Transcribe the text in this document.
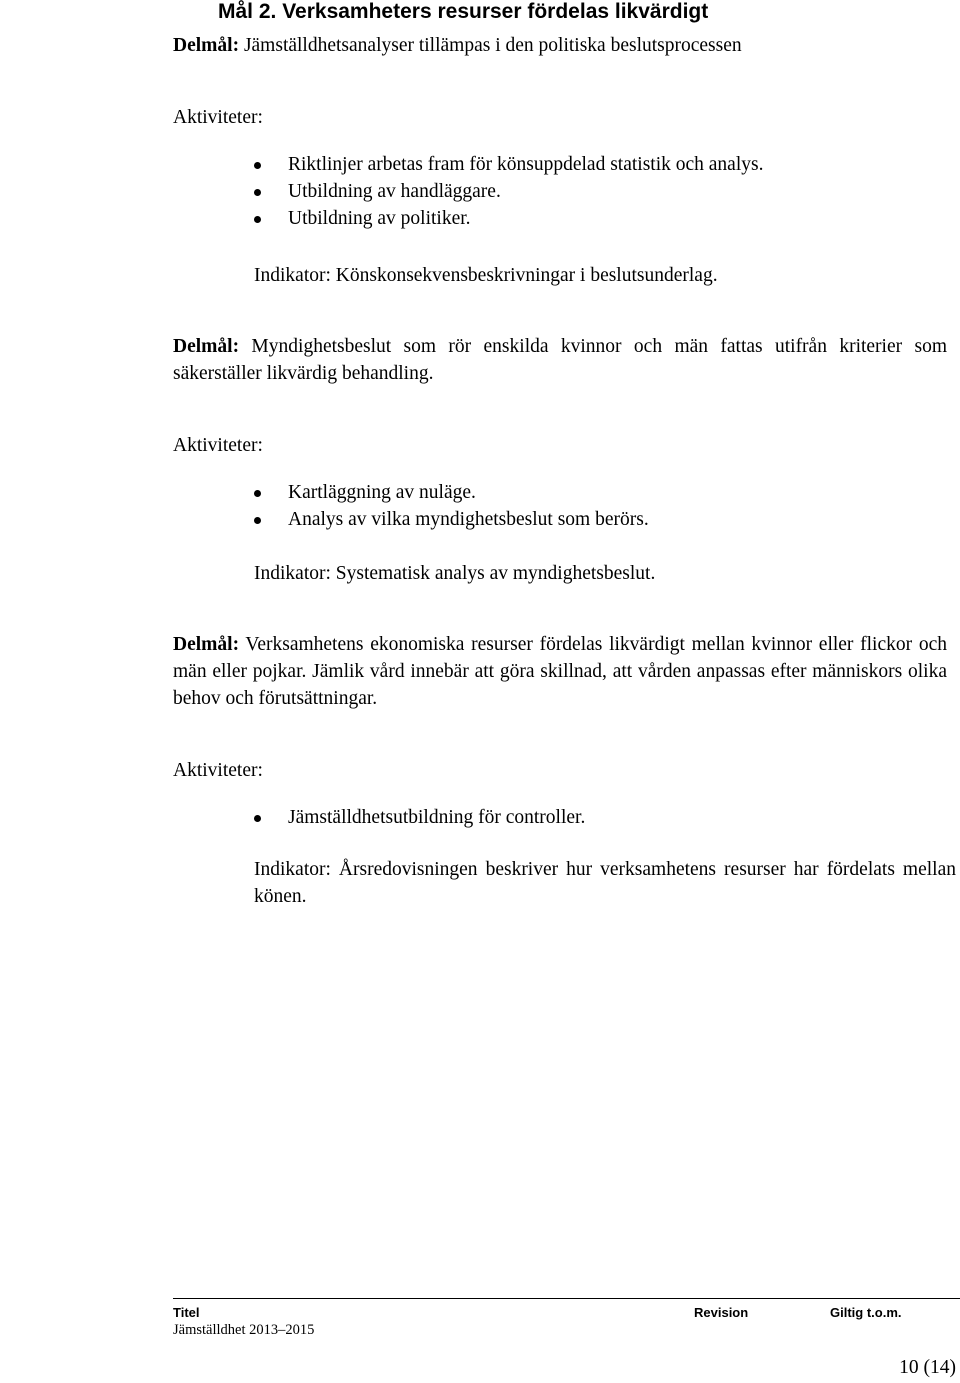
Mål 2. Verksamheters resurser fördelas likvärdigt

Delmål: Jämställdhetsanalyser tillämpas i den politiska beslutsprocessen

Aktiviteter:

Riktlinjer arbetas fram för könsuppdelad statistik och analys.
Utbildning av handläggare.
Utbildning av politiker.

Indikator: Könskonsekvensbeskrivningar i beslutsunderlag.

Delmål: Myndighetsbeslut som rör enskilda kvinnor och män fattas utifrån kriterier som säkerställer likvärdig behandling.

Aktiviteter:

Kartläggning av nuläge.
Analys av vilka myndighetsbeslut som berörs.

Indikator: Systematisk analys av myndighetsbeslut.

Delmål: Verksamhetens ekonomiska resurser fördelas likvärdigt mellan kvinnor eller flickor och män eller pojkar. Jämlik vård innebär att göra skillnad, att vården anpassas efter människors olika behov och förutsättningar.

Aktiviteter:

Jämställdhetsutbildning för controller.

Indikator: Årsredovisningen beskriver hur verksamhetens resurser har fördelats mellan könen.

Titel
Jämställdhet 2013–2015
Revision	Giltig t.o.m.
10 (14)
